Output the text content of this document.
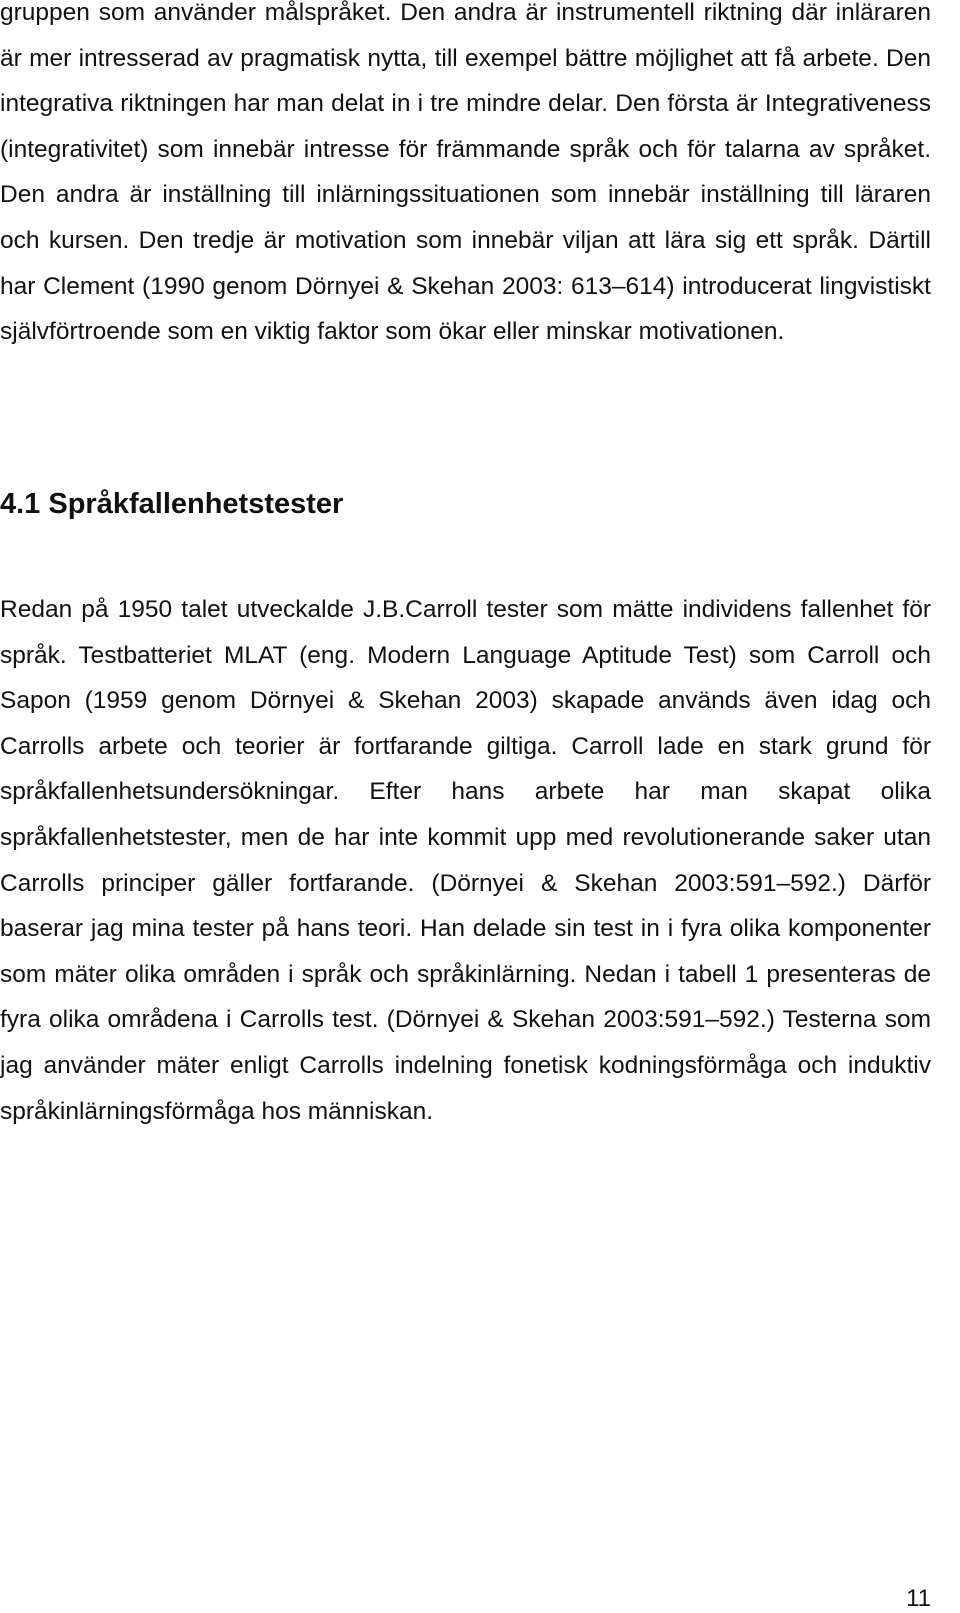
gruppen som använder målspråket. Den andra är instrumentell riktning där inläraren är mer intresserad av pragmatisk nytta, till exempel bättre möjlighet att få arbete. Den integrativa riktningen har man delat in i tre mindre delar. Den första är Integrativeness (integrativitet) som innebär intresse för främmande språk och för talarna av språket. Den andra är inställning till inlärningssituationen som innebär inställning till läraren och kursen. Den tredje är motivation som innebär viljan att lära sig ett språk. Därtill har Clement (1990 genom Dörnyei & Skehan 2003: 613–614) introducerat lingvistiskt självförtroende som en viktig faktor som ökar eller minskar motivationen.

4.1 Språkfallenhetstester

Redan på 1950 talet utveckalde J.B.Carroll tester som mätte individens fallenhet för språk. Testbatteriet MLAT (eng. Modern Language Aptitude Test) som Carroll och Sapon (1959 genom Dörnyei & Skehan 2003) skapade används även idag och Carrolls arbete och teorier är fortfarande giltiga. Carroll lade en stark grund för språkfallenhetsundersökningar. Efter hans arbete har man skapat olika språkfallenhetstester, men de har inte kommit upp med revolutionerande saker utan Carrolls principer gäller fortfarande. (Dörnyei & Skehan 2003:591–592.) Därför baserar jag mina tester på hans teori. Han delade sin test in i fyra olika komponenter som mäter olika områden i språk och språkinlärning. Nedan i tabell 1 presenteras de fyra olika områdena i Carrolls test. (Dörnyei & Skehan 2003:591–592.) Testerna som jag använder mäter enligt Carrolls indelning fonetisk kodningsförmåga och induktiv språkinlärningsförmåga hos människan.

11
